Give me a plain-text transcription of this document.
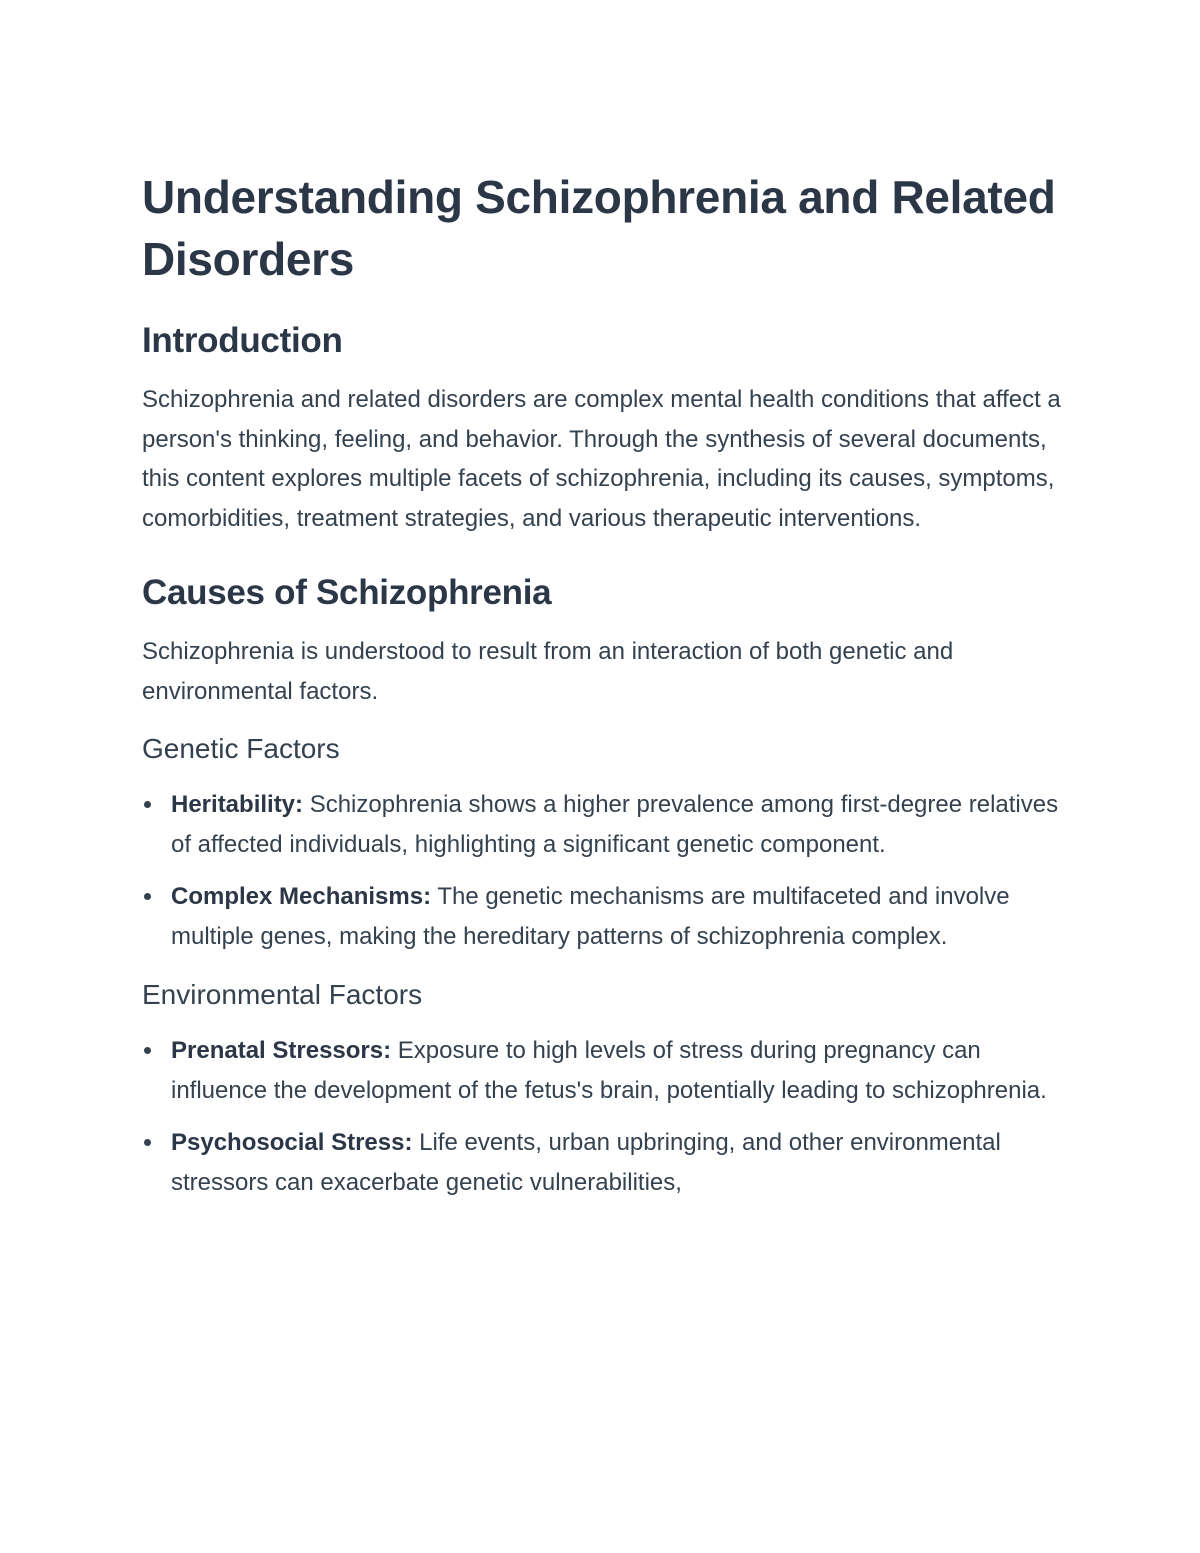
Understanding Schizophrenia and Related Disorders
Introduction

Schizophrenia and related disorders are complex mental health conditions that affect a person's thinking, feeling, and behavior. Through the synthesis of several documents, this content explores multiple facets of schizophrenia, including its causes, symptoms, comorbidities, treatment strategies, and various therapeutic interventions.

Causes of Schizophrenia

Schizophrenia is understood to result from an interaction of both genetic and environmental factors.

Genetic Factors
Heritability: Schizophrenia shows a higher prevalence among first-degree relatives of affected individuals, highlighting a significant genetic component.
Complex Mechanisms: The genetic mechanisms are multifaceted and involve multiple genes, making the hereditary patterns of schizophrenia complex.
Environmental Factors
Prenatal Stressors: Exposure to high levels of stress during pregnancy can influence the development of the fetus's brain, potentially leading to schizophrenia.
Psychosocial Stress: Life events, urban upbringing, and other environmental stressors can exacerbate genetic vulnerabilities,
